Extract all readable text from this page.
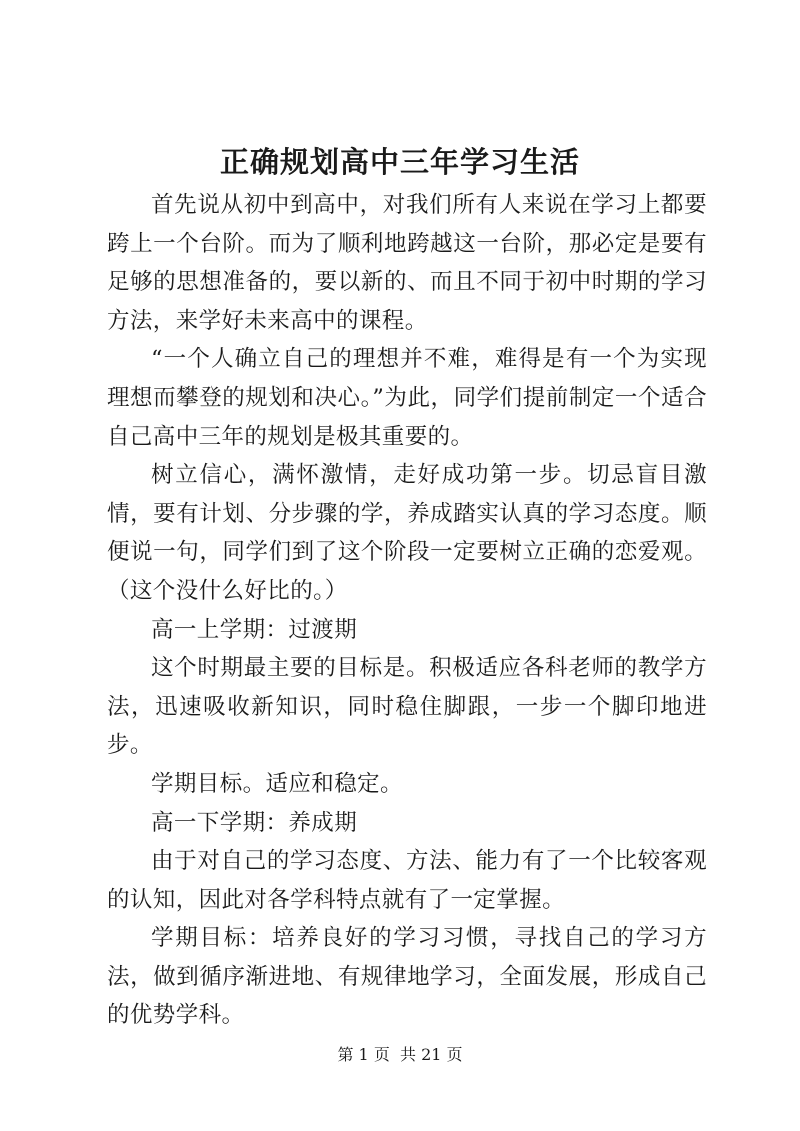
正确规划高中三年学习生活

首先说从初中到高中，对我们所有人来说在学习上都要跨上一个台阶。而为了顺利地跨越这一台阶，那必定是要有足够的思想准备的，要以新的、而且不同于初中时期的学习方法，来学好未来高中的课程。

“一个人确立自己的理想并不难，难得是有一个为实现理想而攀登的规划和决心。”为此，同学们提前制定一个适合自己高中三年的规划是极其重要的。

树立信心，满怀激情，走好成功第一步。切忌盲目激情，要有计划、分步骤的学，养成踏实认真的学习态度。顺便说一句，同学们到了这个阶段一定要树立正确的恋爱观。（这个没什么好比的。）

高一上学期：过渡期

这个时期最主要的目标是。积极适应各科老师的教学方法，迅速吸收新知识，同时稳住脚跟，一步一个脚印地进步。

学期目标。适应和稳定。

高一下学期：养成期

由于对自己的学习态度、方法、能力有了一个比较客观的认知，因此对各学科特点就有了一定掌握。

学期目标：培养良好的学习习惯，寻找自己的学习方法，做到循序渐进地、有规律地学习，全面发展，形成自己的优势学科。

第 1 页  共 21 页
